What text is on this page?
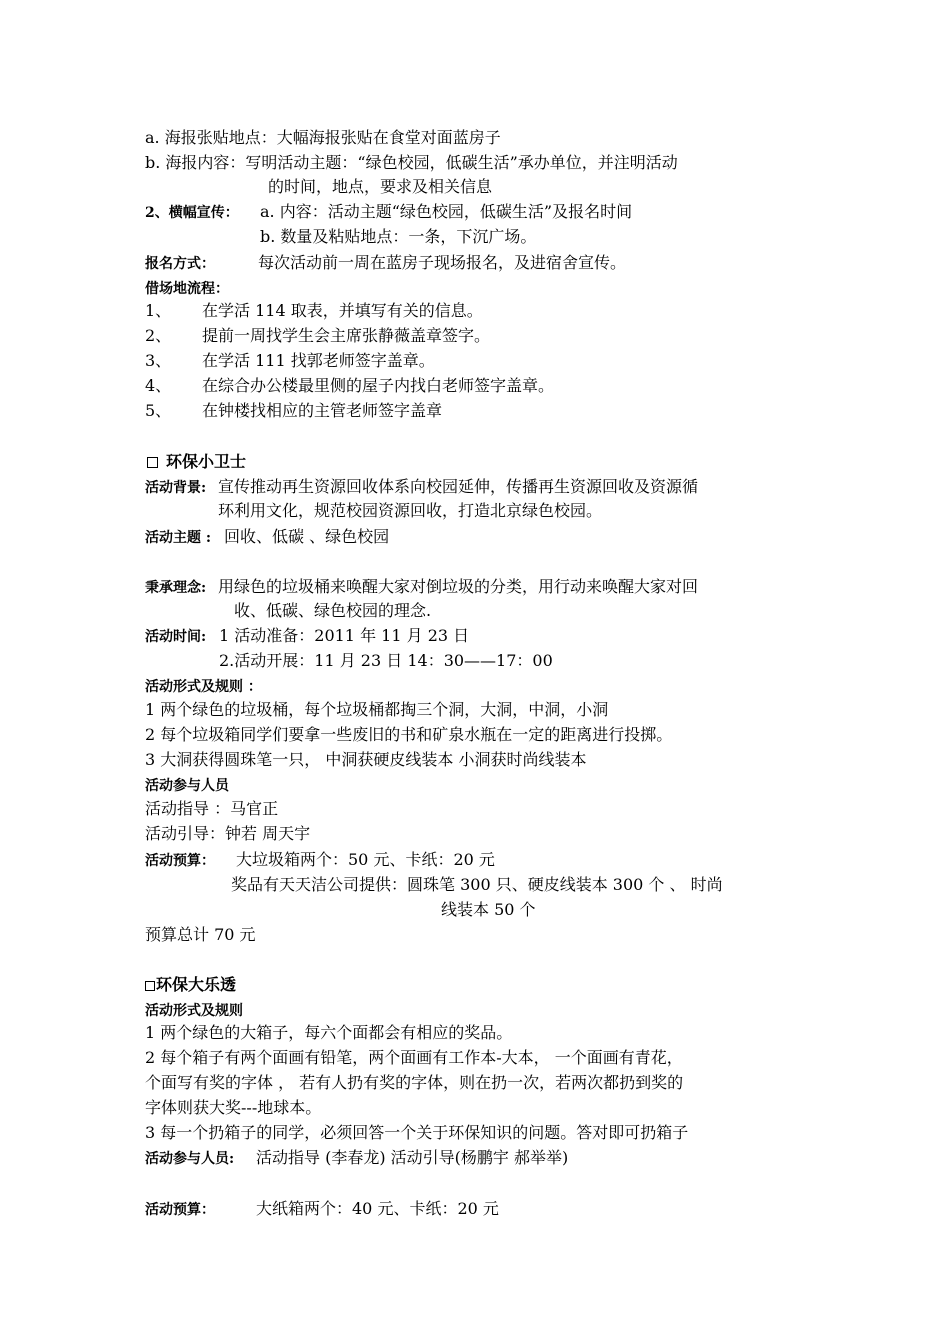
a. 海报张贴地点：大幅海报张贴在食堂对面蓝房子
b. 海报内容：写明活动主题：“绿色校园，低碳生活”承办单位，并注明活动
的时间，地点，要求及相关信息
2、横幅宣传： a. 内容：活动主题“绿色校园，低碳生活”及报名时间
b. 数量及粘贴地点：一条，下沉广场。
报名方式：	每次活动前一周在蓝房子现场报名，及进宿舍宣传。
借场地流程：
1、 在学活 114 取表，并填写有关的信息。
2、 提前一周找学生会主席张静薇盖章签字。
3、 在学活 111 找郭老师签字盖章。
4、 在综合办公楼最里侧的屋子内找白老师签字盖章。
5、 在钟楼找相应的主管老师签字盖章
环保小卫士
活动背景: 宣传推动再生资源回收体系向校园延伸，传播再生资源回收及资源循
环利用文化，规范校园资源回收，打造北京绿色校园。
活动主题 : 回收、低碳 、绿色校园
秉承理念: 用绿色的垃圾桶来唤醒大家对倒垃圾的分类，用行动来唤醒大家对回
收、低碳、绿色校园的理念.
活动时间: 1 活动准备：2011 年 11 月 23 日
2.活动开展：11 月 23 日 14：30——17：00
活动形式及规则 ：
1 两个绿色的垃圾桶，每个垃圾桶都掏三个洞，大洞，中洞，小洞
2 每个垃圾箱同学们要拿一些废旧的书和矿泉水瓶在一定的距离进行投掷。
3 大洞获得圆珠笔一只， 中洞获硬皮线装本 小洞获时尚线装本
活动参与人员
活动指导 ：马官正
活动引导：钟若 周天宇
活动预算： 大垃圾箱两个：50 元、卡纸：20 元
奖品有天天洁公司提供：圆珠笔 300 只、硬皮线装本 300 个 、 时尚
线装本 50 个
预算总计 70 元
环保大乐透
活动形式及规则
1 两个绿色的大箱子，每六个面都会有相应的奖品。
2 每个箱子有两个面画有铅笔，两个面画有工作本-大本， 一个面画有青花，
个面写有奖的字体 ， 若有人扔有奖的字体，则在扔一次，若两次都扔到奖的
字体则获大奖---地球本。
3 每一个扔箱子的同学，必须回答一个关于环保知识的问题。答对即可扔箱子
活动参与人员: 活动指导 (李春龙) 活动引导(杨鹏宇 郝举举)
活动预算：	大纸箱两个：40 元、卡纸：20 元
